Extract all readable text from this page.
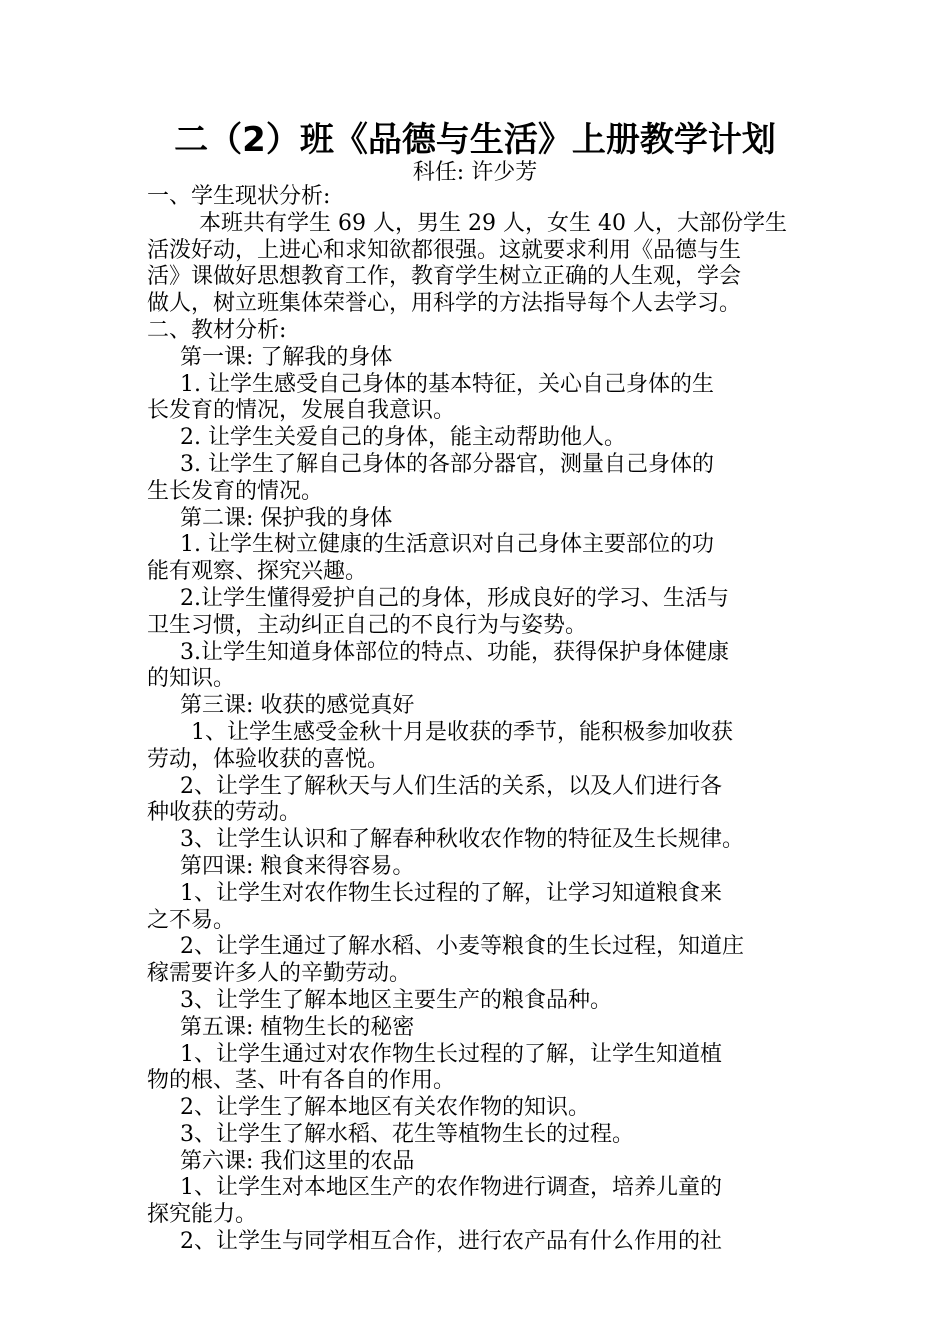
二（2）班《品德与生活》上册教学计划
科任: 许少芳
一、学生现状分析:
本班共有学生 69 人，男生 29 人，女生 40 人，大部份学生
活泼好动，上进心和求知欲都很强。这就要求利用《品德与生
活》课做好思想教育工作，教育学生树立正确的人生观，学会
做人，树立班集体荣誉心，用科学的方法指导每个人去学习。
二、教材分析:
第一课: 了解我的身体
1. 让学生感受自己身体的基本特征，关心自己身体的生
长发育的情况，发展自我意识。
2. 让学生关爱自己的身体，能主动帮助他人。
3. 让学生了解自己身体的各部分器官，测量自己身体的
生长发育的情况。
第二课: 保护我的身体
1. 让学生树立健康的生活意识对自己身体主要部位的功
能有观察、探究兴趣。
2.让学生懂得爱护自己的身体，形成良好的学习、生活与
卫生习惯，主动纠正自己的不良行为与姿势。
3.让学生知道身体部位的特点、功能，获得保护身体健康
的知识。
第三课: 收获的感觉真好
1、让学生感受金秋十月是收获的季节，能积极参加收获
劳动，体验收获的喜悦。
2、让学生了解秋天与人们生活的关系，以及人们进行各
种收获的劳动。
3、让学生认识和了解春种秋收农作物的特征及生长规律。
第四课: 粮食来得容易。
1、让学生对农作物生长过程的了解，让学习知道粮食来
之不易。
2、让学生通过了解水稻、小麦等粮食的生长过程，知道庄
稼需要许多人的辛勤劳动。
3、让学生了解本地区主要生产的粮食品种。
第五课: 植物生长的秘密
1、让学生通过对农作物生长过程的了解，让学生知道植
物的根、茎、叶有各自的作用。
2、让学生了解本地区有关农作物的知识。
3、让学生了解水稻、花生等植物生长的过程。
第六课: 我们这里的农品
1、让学生对本地区生产的农作物进行调查，培养儿童的
探究能力。
2、让学生与同学相互合作，进行农产品有什么作用的社
